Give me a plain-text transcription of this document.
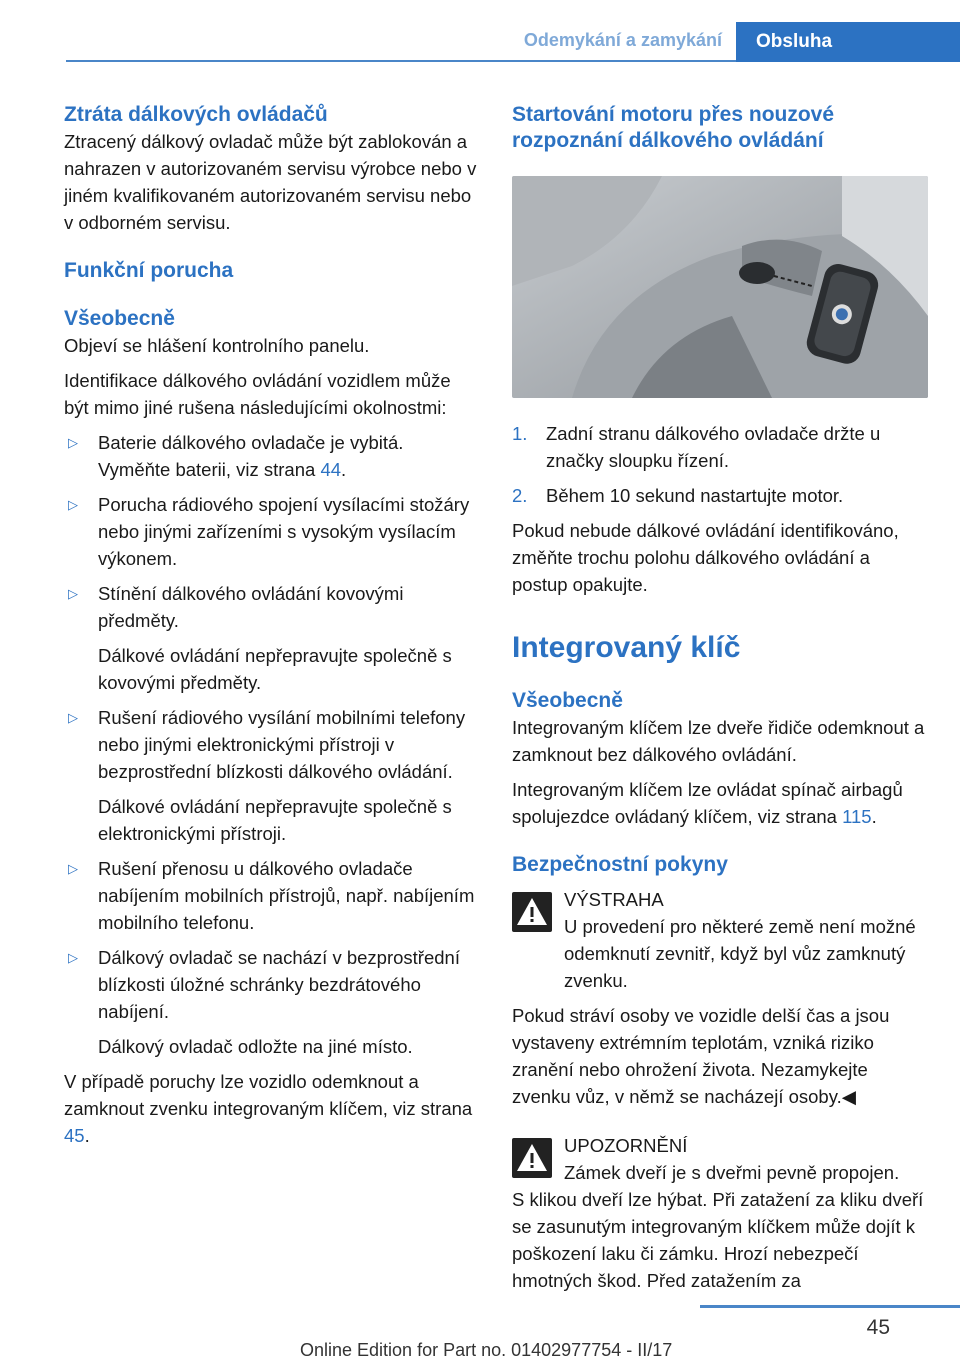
Odemykání a zamykání	Obsluha
Ztráta dálkových ovládačů

Ztracený dálkový ovladač může být zablokován a nahrazen v autorizovaném servisu výrobce nebo v jiném kvalifikovaném autorizovaném servisu nebo v odborném servisu.

Funkční porucha
Všeobecně

Objeví se hlášení kontrolního panelu.

Identifikace dálkového ovládání vozidlem může být mimo jiné rušena následujícími okolnostmi:

▷ Baterie dálkového ovladače je vybitá. Vyměňte baterii, viz strana 44.
▷ Porucha rádiového spojení vysílacími stožáry nebo jinými zařízeními s vysokým vysílacím výkonem.
▷ Stínění dálkového ovládání kovovými předměty.

Dálkové ovládání nepřepravujte společně s kovovými předměty.

▷ Rušení rádiového vysílání mobilními telefony nebo jinými elektronickými přístroji v bezprostřední blízkosti dálkového ovládání.

Dálkové ovládání nepřepravujte společně s elektronickými přístroji.

▷ Rušení přenosu u dálkového ovladače nabíjením mobilních přístrojů, např. nabíjením mobilního telefonu.
▷ Dálkový ovladač se nachází v bezprostřední blízkosti úložné schránky bezdrátového nabíjení.

Dálkový ovladač odložte na jiné místo.

V případě poruchy lze vozidlo odemknout a zamknout zvenku integrovaným klíčem, viz strana 45.

Startování motoru přes nouzové rozpoznání dálkového ovládání
1. Zadní stranu dálkového ovladače držte u značky sloupku řízení.
2. Během 10 sekund nastartujte motor.

Pokud nebude dálkové ovládání identifikováno, změňte trochu polohu dálkového ovládání a postup opakujte.

Integrovaný klíč
Všeobecně

Integrovaným klíčem lze dveře řidiče odemknout a zamknout bez dálkového ovládání.

Integrovaným klíčem lze ovládat spínač airbagů spolujezdce ovládaný klíčem, viz strana 115.

Bezpečnostní pokyny

VÝSTRAHA

U provedení pro některé země není možné odemknutí zevnitř, když byl vůz zamknutý zvenku.

Pokud stráví osoby ve vozidle delší čas a jsou vystaveny extrémním teplotám, vzniká riziko zranění nebo ohrožení života. Nezamykejte zvenku vůz, v němž se nacházejí osoby.◀

UPOZORNĚNÍ

Zámek dveří je s dveřmi pevně propojen.

S klikou dveří lze hýbat. Při zatažení za kliku dveří se zasunutým integrovaným klíčkem může dojít k poškození laku či zámku. Hrozí nebezpečí hmotných škod. Před zatažením za

45
Online Edition for Part no. 01402977754 - II/17
